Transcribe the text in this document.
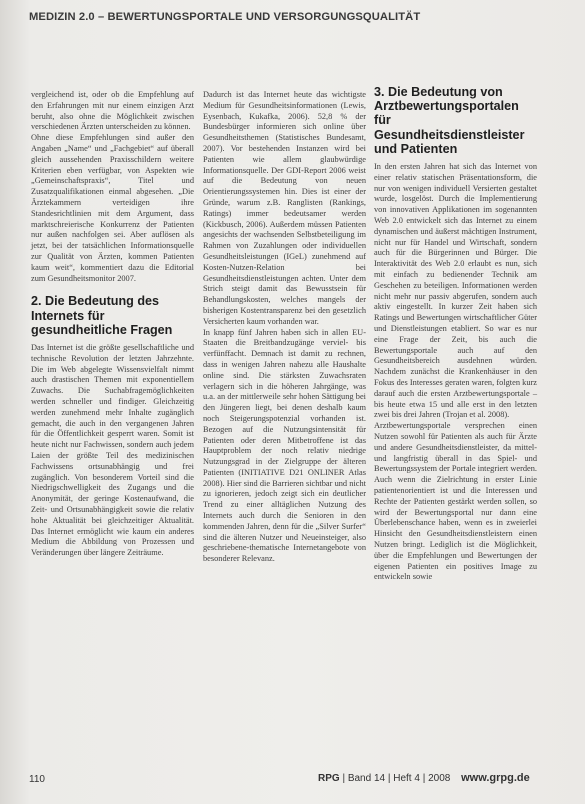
MEDIZIN 2.0 – BEWERTUNGSPORTALE UND VERSORGUNGSQUALITÄT

vergleichend ist, oder ob die Empfehlung auf den Erfahrungen mit nur einem einzigen Arzt beruht, also ohne die Möglichkeit zwischen verschiedenen Ärzten unterscheiden zu können.

Ohne diese Empfehlungen sind außer den Angaben „Name“ und „Fachgebiet“ auf überall gleich aussehenden Praxisschildern weitere Kriterien eben verfügbar, von Aspekten wie „Gemeinschaftspraxis“, Titel und Zusatzqualifikationen einmal abgesehen. „Die Ärztekammern verteidigen ihre Standesrichtlinien mit dem Argument, dass marktschreierische Konkurrenz der Patienten nur außen nachfolgen sei. Aber auflösen als jetzt, bei der tatsächlichen Informationsquelle zur Qualität von Ärzten, kommen Patienten kaum weit“, kommentiert dazu die Editorial zum Gesundheitsmonitor 2007.

2. Die Bedeutung des Internets für gesundheitliche Fragen

Das Internet ist die größte gesellschaftliche und technische Revolution der letzten Jahrzehnte. Die im Web abgelegte Wissensvielfalt nimmt auch drastischen Themen mit exponentiellem Zuwachs. Die Suchabfragemöglichkeiten werden schneller und findiger. Gleichzeitig werden zunehmend mehr Inhalte zugänglich gemacht, die auch in den vergangenen Jahren für die Öffentlichkeit gesperrt waren. Somit ist heute nicht nur Fachwissen, sondern auch jedem Laien der größte Teil des medizinischen Fachwissens ortsunabhängig und frei zugänglich. Von besonderem Vorteil sind die Niedrigschwelligkeit des Zugangs und die Anonymität, der geringe Kostenaufwand, die Zeit- und Ortsunabhängigkeit sowie die relativ hohe Aktualität bei gleichzeitiger Aktualität. Das Internet ermöglicht wie kaum ein anderes Medium die Abbildung von Prozessen und Veränderungen über längere Zeiträume.

Dadurch ist das Internet heute das wichtigste Medium für Gesundheitsinformationen (Lewis, Eysenbach, Kukafka, 2006). 52,8 % der Bundesbürger informieren sich online über Gesundheitsthemen (Statistisches Bundesamt, 2007). Vor bestehenden Instanzen wird bei Patienten wie allem glaubwürdige Informationsquelle. Der GDI-Report 2006 weist auf die Bedeutung von neuen Orientierungssystemen hin. Dies ist einer der Gründe, warum z.B. Ranglisten (Rankings, Ratings) immer bedeutsamer werden (Kickbusch, 2006). Außerdem müssen Patienten angesichts der wachsenden Selbstbeteiligung im Rahmen von Zuzahlungen oder individuellen Gesundheitsleistungen (IGeL) zunehmend auf Kosten-Nutzen-Relation bei Gesundheitsdienstleistungen achten. Unter dem Strich steigt damit das Bewusstsein für Behandlungskosten, welches mangels der bisherigen Kostentransparenz bei den gesetzlich Versicherten kaum vorhanden war.

In knapp fünf Jahren haben sich in allen EU-Staaten die Breitbandzugänge verviel- bis verfünffacht. Demnach ist damit zu rechnen, dass in wenigen Jahren nahezu alle Haushalte online sind. Die stärksten Zuwachsraten verlagern sich in die höheren Jahrgänge, was u.a. an der mittlerweile sehr hohen Sättigung bei den Jüngeren liegt, bei denen deshalb kaum noch Steigerungspotenzial vorhanden ist. Bezogen auf die Nutzungsintensität für Patienten oder deren Mitbetroffene ist das Hauptproblem der noch relativ niedrige Nutzungsgrad in der Zielgruppe der älteren Patienten (INITIATIVE D21 ONLINER Atlas 2008). Hier sind die Barrieren sichtbar und nicht zu ignorieren, jedoch zeigt sich ein deutlicher Trend zu einer alltäglichen Nutzung des Internets auch durch die Senioren in den kommenden Jahren, denn für die „Silver Surfer“ sind die älteren Nutzer und Neueinsteiger, also geschriebene-thematische Internetangebote von besonderer Relevanz.

3. Die Bedeutung von Arztbewertungsportalen für Gesundheitsdienstleister und Patienten

In den ersten Jahren hat sich das Internet von einer relativ statischen Präsentationsform, die nur von wenigen individuell Versierten gestaltet wurde, losgelöst. Durch die Implementierung von innovativen Applikationen im sogenannten Web 2.0 entwickelt sich das Internet zu einem dynamischen und äußerst mächtigen Instrument, nicht nur für Handel und Wirtschaft, sondern auch für die Bürgerinnen und Bürger. Die Interaktivität des Web 2.0 erlaubt es nun, sich mit einfach zu bedienender Technik am Geschehen zu beteiligen. Informationen werden nicht mehr nur passiv abgerufen, sondern auch aktiv eingestellt. In kurzer Zeit haben sich Ratings und Bewertungen wirtschaftlicher Güter und Dienstleistungen etabliert. So war es nur eine Frage der Zeit, bis auch die Bewertungsportale auch auf den Gesundheitsbereich ausdehnen würden. Nachdem zunächst die Krankenhäuser in den Fokus des Interesses geraten waren, folgten kurz darauf auch die ersten Arztbewertungsportale – bis heute etwa 15 und alle erst in den letzten zwei bis drei Jahren (Trojan et al. 2008).

Arztbewertungsportale versprechen einen Nutzen sowohl für Patienten als auch für Ärzte und andere Gesundheitsdienstleister, da mittel- und langfristig überall in das Spiel- und Bewertungssystem der Portale integriert werden. Auch wenn die Zielrichtung in erster Linie patientenorientiert ist und die Interessen und Rechte der Patienten gestärkt werden sollen, so wird der Bewertungsportal nur dann eine Überlebenschance haben, wenn es in zweierlei Hinsicht den Gesundheitsdienstleistern einen Nutzen bringt. Lediglich ist die Möglichkeit, über die Empfehlungen und Bewertungen der eigenen Patienten ein positives Image zu entwickeln sowie

110	RPG | Band 14 | Heft 4 | 2008 www.grpg.de
